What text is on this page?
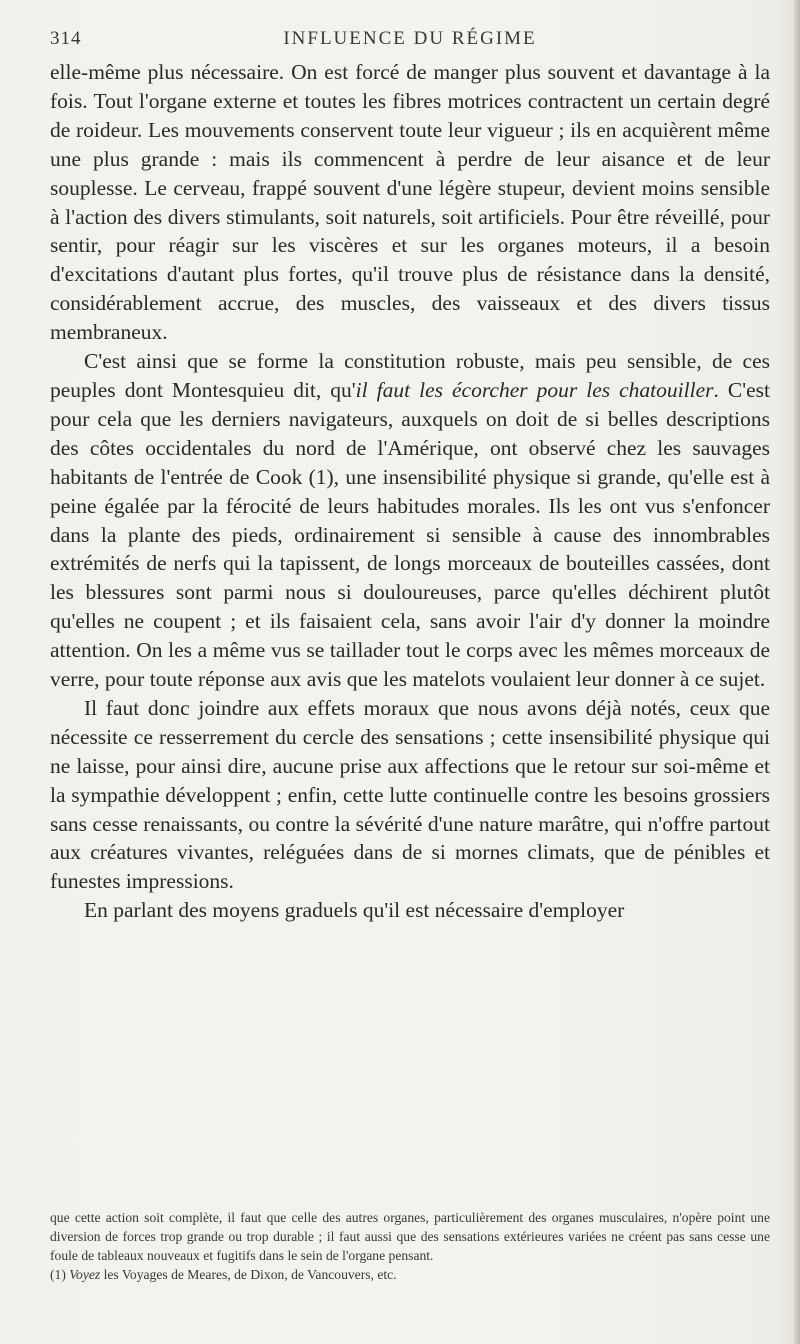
314	INFLUENCE DU RÉGIME

elle-même plus nécessaire. On est forcé de manger plus souvent et davantage à la fois. Tout l'organe externe et toutes les fibres motrices contractent un certain degré de roideur. Les mouvements conservent toute leur vigueur ; ils en acquièrent même une plus grande : mais ils commencent à perdre de leur aisance et de leur souplesse. Le cerveau, frappé souvent d'une légère stupeur, devient moins sensible à l'action des divers stimulants, soit naturels, soit artificiels. Pour être réveillé, pour sentir, pour réagir sur les viscères et sur les organes moteurs, il a besoin d'excitations d'autant plus fortes, qu'il trouve plus de résistance dans la densité, considérablement accrue, des muscles, des vaisseaux et des divers tissus membraneux.

C'est ainsi que se forme la constitution robuste, mais peu sensible, de ces peuples dont Montesquieu dit, qu'il faut les écorcher pour les chatouiller. C'est pour cela que les derniers navigateurs, auxquels on doit de si belles descriptions des côtes occidentales du nord de l'Amérique, ont observé chez les sauvages habitants de l'entrée de Cook (1), une insensibilité physique si grande, qu'elle est à peine égalée par la férocité de leurs habitudes morales. Ils les ont vus s'enfoncer dans la plante des pieds, ordinairement si sensible à cause des innombrables extrémités de nerfs qui la tapissent, de longs morceaux de bouteilles cassées, dont les blessures sont parmi nous si douloureuses, parce qu'elles déchirent plutôt qu'elles ne coupent ; et ils faisaient cela, sans avoir l'air d'y donner la moindre attention. On les a même vus se taillader tout le corps avec les mêmes morceaux de verre, pour toute réponse aux avis que les matelots voulaient leur donner à ce sujet.

Il faut donc joindre aux effets moraux que nous avons déjà notés, ceux que nécessite ce resserrement du cercle des sensations ; cette insensibilité physique qui ne laisse, pour ainsi dire, aucune prise aux affections que le retour sur soi-même et la sympathie développent ; enfin, cette lutte continuelle contre les besoins grossiers sans cesse renaissants, ou contre la sévérité d'une nature marâtre, qui n'offre partout aux créatures vivantes, reléguées dans de si mornes climats, que de pénibles et funestes impressions.

En parlant des moyens graduels qu'il est nécessaire d'employer

que cette action soit complète, il faut que celle des autres organes, particulièrement des organes musculaires, n'opère point une diversion de forces trop grande ou trop durable ; il faut aussi que des sensations extérieures variées ne créent pas sans cesse une foule de tableaux nouveaux et fugitifs dans le sein de l'organe pensant.

(1) Voyez les Voyages de Meares, de Dixon, de Vancouvers, etc.
